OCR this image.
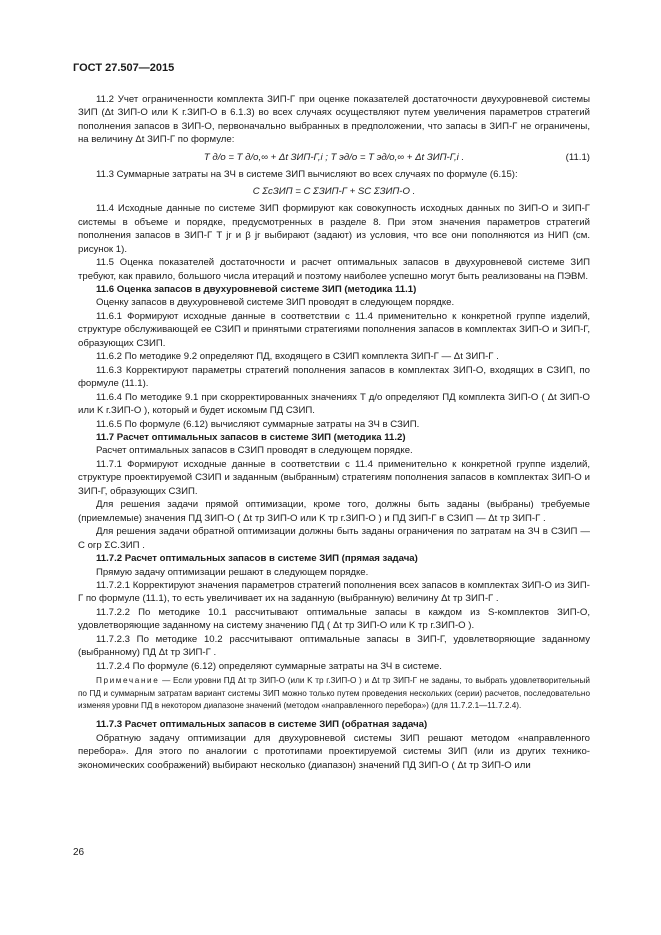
ГОСТ 27.507—2015

11.2 Учет ограниченности комплекта ЗИП-Г при оценке показателей достаточности двухуровневой системы ЗИП (Δt ЗИП-О или K г.ЗИП-О в 6.1.3) во всех случаях осуществляют путем увеличения параметров стратегий пополнения запасов в ЗИП-О, первоначально выбранных в предположении, что запасы в ЗИП-Г не ограничены, на величину Δt ЗИП-Г по формуле:

T д/о = T д/о,∞ + Δt ЗИП-Г,i ; T эд/о = T эд/о,∞ + Δt ЗИП-Г,i .	(11.1)

11.3 Суммарные затраты на ЗЧ в системе ЗИП вычисляют во всех случаях по формуле (6.15):

C ΣсЗИП = C ΣЗИП-Г + SC ΣЗИП-О .

11.4 Исходные данные по системе ЗИП формируют как совокупность исходных данных по ЗИП-О и ЗИП-Г системы в объеме и порядке, предусмотренных в разделе 8. При этом значения параметров стратегий пополнения запасов в ЗИП-Г T jr и β jr выбирают (задают) из условия, что все они пополняются из НИП (см. рисунок 1).

11.5 Оценка показателей достаточности и расчет оптимальных запасов в двухуровневой системе ЗИП требуют, как правило, большого числа итераций и поэтому наиболее успешно могут быть реализованы на ПЭВМ.

11.6 Оценка запасов в двухуровневой системе ЗИП (методика 11.1)

Оценку запасов в двухуровневой системе ЗИП проводят в следующем порядке.

11.6.1 Формируют исходные данные в соответствии с 11.4 применительно к конкретной группе изделий, структуре обслуживающей ее СЗИП и принятыми стратегиями пополнения запасов в комплектах ЗИП-О и ЗИП-Г, образующих СЗИП.

11.6.2 По методике 9.2 определяют ПД, входящего в СЗИП комплекта ЗИП-Г — Δt ЗИП-Г .

11.6.3 Корректируют параметры стратегий пополнения запасов в комплектах ЗИП-О, входящих в СЗИП, по формуле (11.1).

11.6.4 По методике 9.1 при скорректированных значениях T д/о определяют ПД комплекта ЗИП-О ( Δt ЗИП-О или K г.ЗИП-О ), который и будет искомым ПД СЗИП.

11.6.5 По формуле (6.12) вычисляют суммарные затраты на ЗЧ в СЗИП.

11.7 Расчет оптимальных запасов в системе ЗИП (методика 11.2)

Расчет оптимальных запасов в СЗИП проводят в следующем порядке.

11.7.1 Формируют исходные данные в соответствии с 11.4 применительно к конкретной группе изделий, структуре проектируемой СЗИП и заданным (выбранным) стратегиям пополнения запасов в комплектах ЗИП-О и ЗИП-Г, образующих СЗИП.

Для решения задачи прямой оптимизации, кроме того, должны быть заданы (выбраны) требуемые (приемлемые) значения ПД ЗИП-О ( Δt тр ЗИП-О или K тр г.ЗИП-О ) и ПД ЗИП-Г в СЗИП — Δt тр ЗИП-Г .

Для решения задачи обратной оптимизации должны быть заданы ограничения по затратам на ЗЧ в СЗИП — C огр ΣС.ЗИП .

11.7.2 Расчет оптимальных запасов в системе ЗИП (прямая задача)

Прямую задачу оптимизации решают в следующем порядке.

11.7.2.1 Корректируют значения параметров стратегий пополнения всех запасов в комплектах ЗИП-О из ЗИП-Г по формуле (11.1), то есть увеличивает их на заданную (выбранную) величину Δt тр ЗИП-Г .

11.7.2.2 По методике 10.1 рассчитывают оптимальные запасы в каждом из S-комплектов ЗИП-О, удовлетворяющие заданному на систему значению ПД ( Δt тр ЗИП-О или K тр г.ЗИП-О ).

11.7.2.3 По методике 10.2 рассчитывают оптимальные запасы в ЗИП-Г, удовлетворяющие заданному (выбранному) ПД Δt тр ЗИП-Г .

11.7.2.4 По формуле (6.12) определяют суммарные затраты на ЗЧ в системе.

Примечание — Если уровни ПД Δt тр ЗИП-О (или K тр г.ЗИП-О ) и Δt тр ЗИП-Г не заданы, то выбрать удовлетворительный по ПД и суммарным затратам вариант системы ЗИП можно только путем проведения нескольких (серии) расчетов, последовательно изменяя уровни ПД в некотором диапазоне значений (методом «направленного перебора») (для 11.7.2.1—11.7.2.4).

11.7.3 Расчет оптимальных запасов в системе ЗИП (обратная задача)

Обратную задачу оптимизации для двухуровневой системы ЗИП решают методом «направленного перебора». Для этого по аналогии с прототипами проектируемой системы ЗИП (или из других технико-экономических соображений) выбирают несколько (диапазон) значений ПД ЗИП-О ( Δt тр ЗИП-О или

26
